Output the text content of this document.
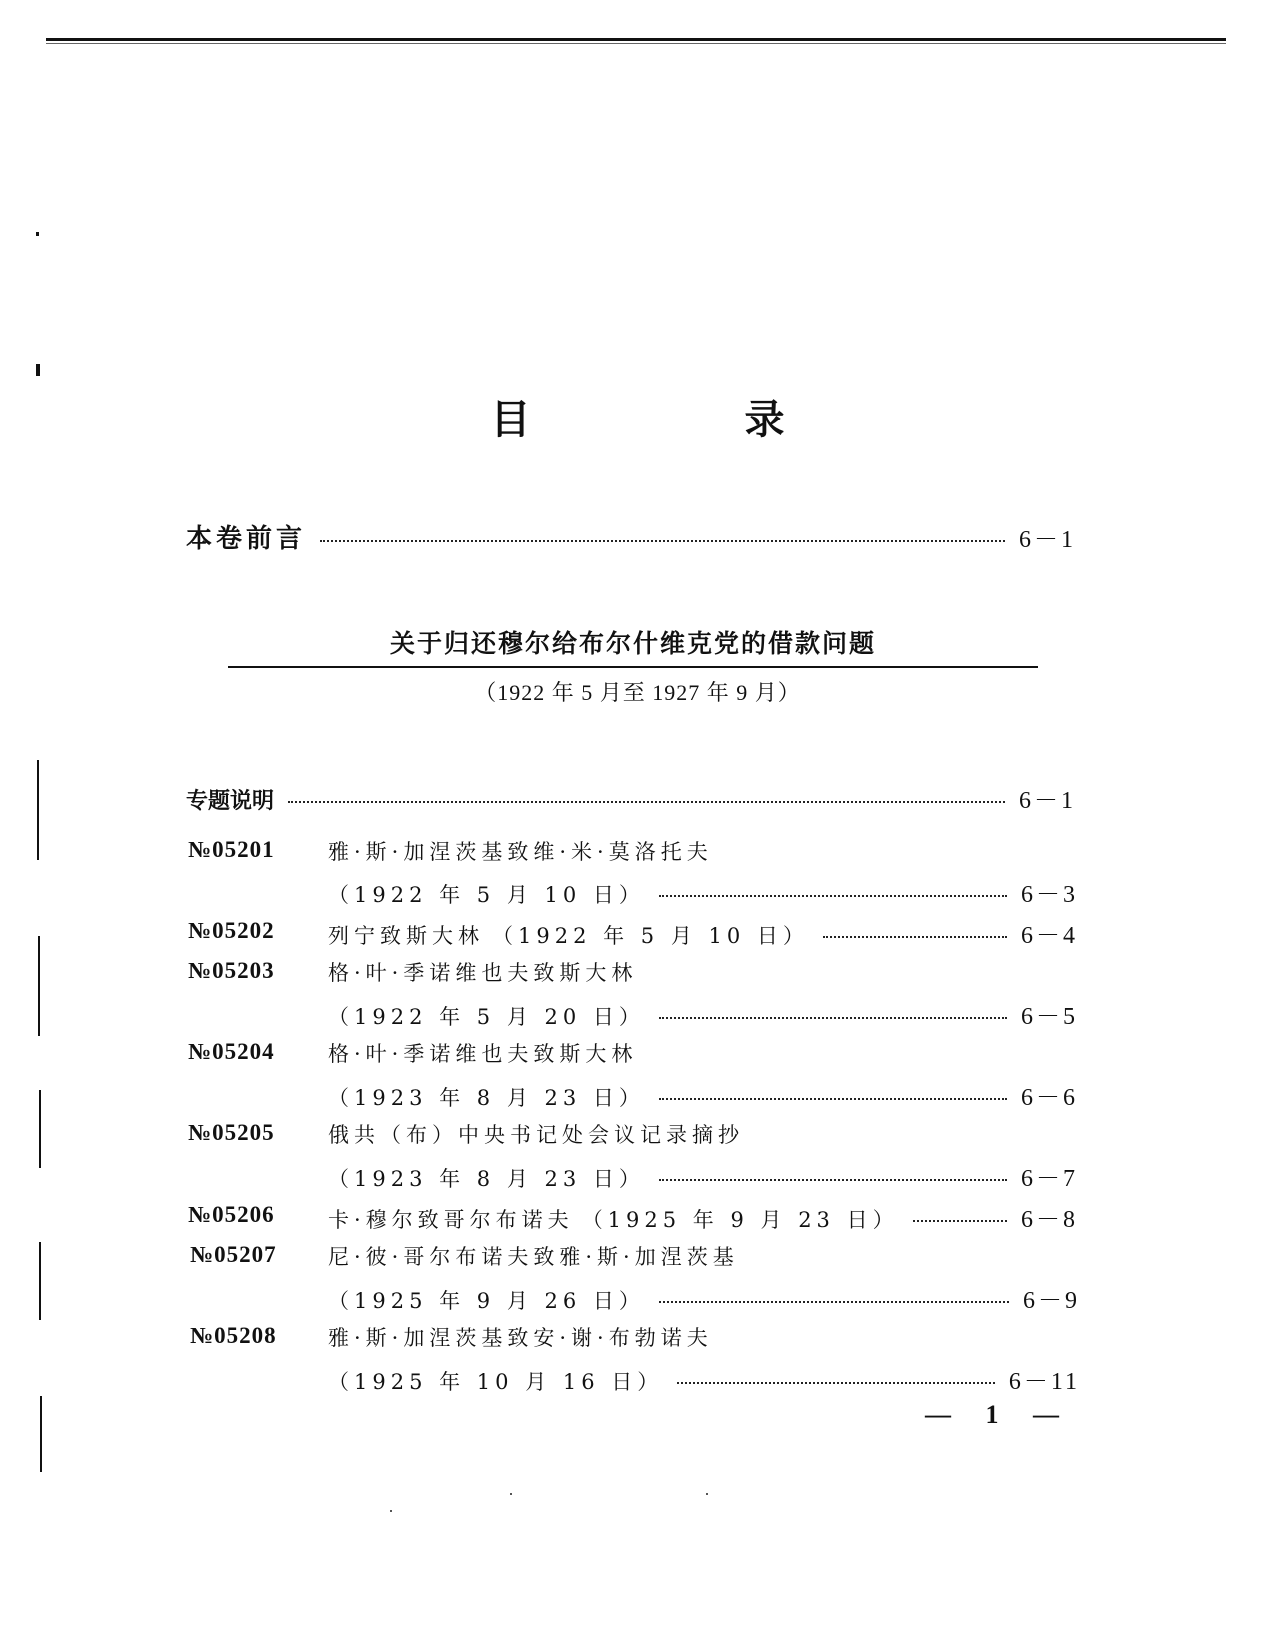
目 录
本卷前言	6－1
关于归还穆尔给布尔什维克党的借款问题
（1922 年 5 月至 1927 年 9 月）
专题说明	6－1
№05201	雅·斯·加涅茨基致维·米·莫洛托夫
（1922 年 5 月 10 日）	6－3
№05202	列宁致斯大林 （1922 年 5 月 10 日）	6－4
№05203	格·叶·季诺维也夫致斯大林
（1922 年 5 月 20 日）	6－5
№05204	格·叶·季诺维也夫致斯大林
（1923 年 8 月 23 日）	6－6
№05205	俄共（布）中央书记处会议记录摘抄
（1923 年 8 月 23 日）	6－7
№05206	卡·穆尔致哥尔布诺夫 （1925 年 9 月 23 日）	6－8
№05207 尼·彼·哥尔布诺夫致雅·斯·加涅茨基
（1925 年 9 月 26 日）	6－9
№05208 雅·斯·加涅茨基致安·谢·布勃诺夫
（1925 年 10 月 16 日）	6－11
— 1 —
